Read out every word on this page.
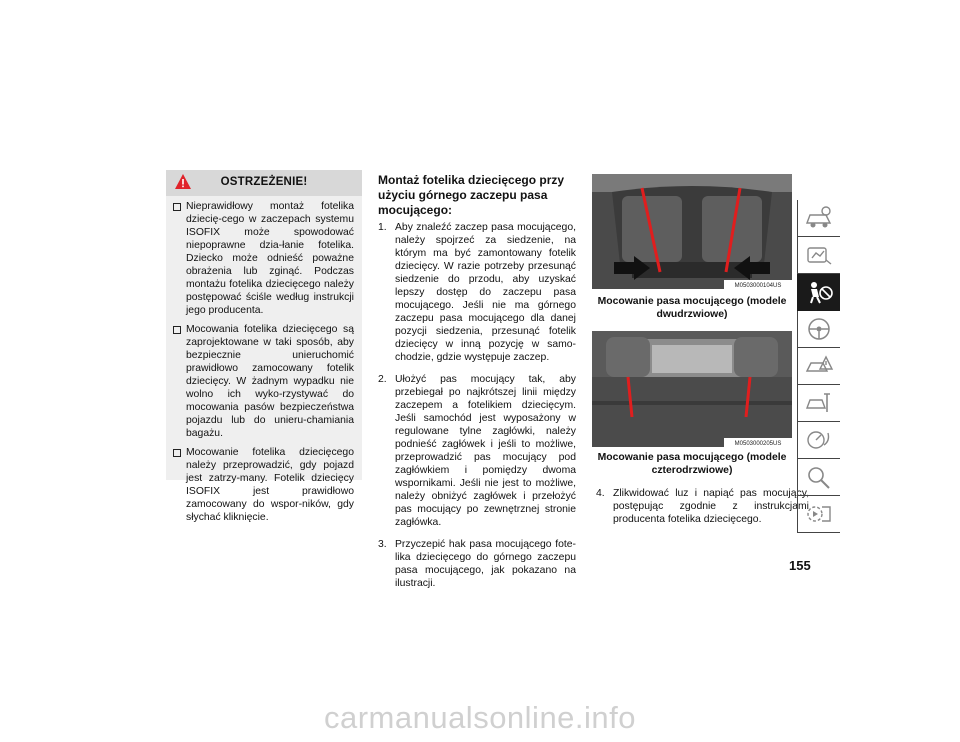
OSTRZEŻENIE!
Nieprawidłowy montaż fotelika dziecię-cego w zaczepach systemu ISOFIX może spowodować niepoprawne dzia-łanie fotelika. Dziecko może odnieść poważne obrażenia lub zginąć. Podczas montażu fotelika dziecięcego należy postępować ściśle według instrukcji jego producenta.
Mocowania fotelika dziecięcego są zaprojektowane w taki sposób, aby bezpiecznie unieruchomić prawidłowo zamocowany fotelik dziecięcy. W żadnym wypadku nie wolno ich wyko-rzystywać do mocowania pasów bezpieczeństwa pojazdu lub do unieru-chamiania bagażu.
Mocowanie fotelika dziecięcego należy przeprowadzić, gdy pojazd jest zatrzy-many. Fotelik dziecięcy ISOFIX jest prawidłowo zamocowany do wspor-ników, gdy słychać kliknięcie.
Montaż fotelika dziecięcego przy użyciu górnego zaczepu pasa mocującego:
1. Aby znaleźć zaczep pasa mocującego, należy spojrzeć za siedzenie, na którym ma być zamontowany fotelik dziecięcy. W razie potrzeby przesunąć siedzenie do przodu, aby uzyskać lepszy dostęp do zaczepu pasa mocującego. Jeśli nie ma górnego zaczepu pasa mocującego dla danej pozycji siedzenia, przesunąć fotelik dziecięcy w inną pozycję w samo-chodzie, gdzie występuje zaczep.
2. Ułożyć pas mocujący tak, aby przebiegał po najkrótszej linii między zaczepem a fotelikiem dziecięcym. Jeśli samochód jest wyposażony w regulowane tylne zagłówki, należy podnieść zagłówek i jeśli to możliwe, przeprowadzić pas mocujący pod zagłówkiem i pomiędzy dwoma wspornikami. Jeśli nie jest to możliwe, należy obniżyć zagłówek i przełożyć pas mocujący po zewnętrznej stronie zagłówka.
3. Przyczepić hak pasa mocującego fote-lika dziecięcego do górnego zaczepu pasa mocującego, jak pokazano na ilustracji.
M0503000104US
Mocowanie pasa mocującego (modele dwudrzwiowe)
M0503000205US
Mocowanie pasa mocującego (modele czterodrzwiowe)
4. Zlikwidować luz i napiąć pas mocujący, postępując zgodnie z instrukcjami producenta fotelika dziecięcego.
155
carmanualsonline.info
